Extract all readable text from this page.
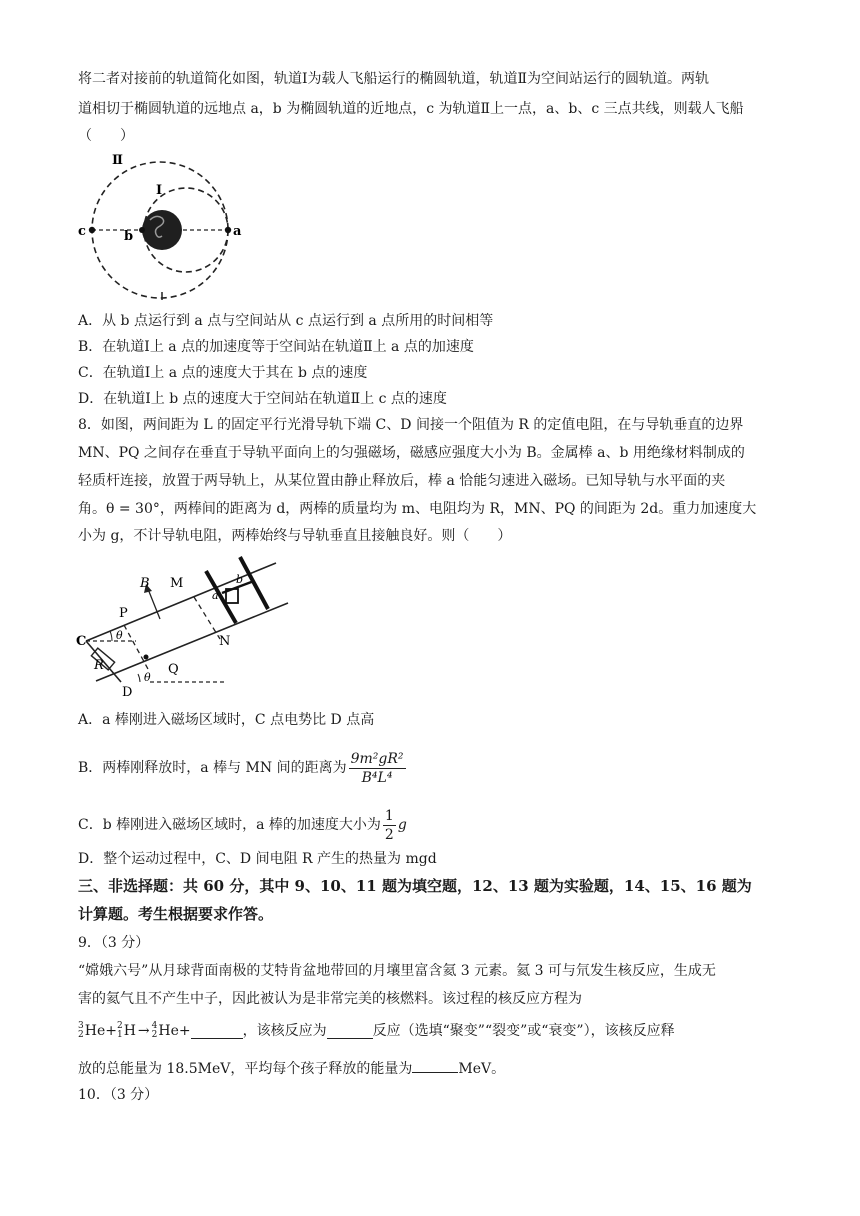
将二者对接前的轨道简化如图，轨道Ⅰ为载人飞船运行的椭圆轨道，轨道Ⅱ为空间站运行的圆轨道。两轨
道相切于椭圆轨道的远地点 a，b 为椭圆轨道的近地点，c 为轨道Ⅱ上一点，a、b、c 三点共线，则载人飞船
（　　）
Ⅱ
Ⅰ
c	b	a
A．从 b 点运行到 a 点与空间站从 c 点运行到 a 点所用的时间相等
B．在轨道Ⅰ上 a 点的加速度等于空间站在轨道Ⅱ上 a 点的加速度
C．在轨道Ⅰ上 a 点的速度大于其在 b 点的速度
D．在轨道Ⅰ上 b 点的速度大于空间站在轨道Ⅱ上 c 点的速度
8．如图，两间距为 L 的固定平行光滑导轨下端 C、D 间接一个阻值为 R 的定值电阻，在与导轨垂直的边界
MN、PQ 之间存在垂直于导轨平面向上的匀强磁场，磁感应强度大小为 B。金属棒 a、b 用绝缘材料制成的
轻质杆连接，放置于两导轨上，从某位置由静止释放后，棒 a 恰能匀速进入磁场。已知导轨与水平面的夹
角。θ = 30°，两棒间的距离为 d，两棒的质量均为 m、电阻均为 R，MN、PQ 的间距为 2d。重力加速度大
小为 g，不计导轨电阻，两棒始终与导轨垂直且接触良好。则（　　）
B M
P
C	θ
R
N
Q
D
θ
a
b
A．a 棒刚进入磁场区域时，C 点电势比 D 点高
B．两棒刚释放时，a 棒与 MN 间的距离为 $\frac{\text{9m²gR²}}{\text{B⁴L⁴}}$
C．b 棒刚进入磁场区域时，a 棒的加速度大小为 $\frac{1}{2}$ g
D．整个运动过程中，C、D 间电阻 R 产生的热量为 mgd
三、非选择题：共 60 分，其中 9、10、11 题为填空题，12、13 题为实验题，14、15、16 题为
计算题。考生根据要求作答。
9．（3 分）
“嫦娥六号”从月球背面南极的艾特肯盆地带回的月壤里富含氦 3 元素。氦 3 可与氘发生核反应，生成无
害的氦气且不产生中子，因此被认为是非常完美的核燃料。该过程的核反应方程为
3
2He + 2
1H → 4
2He +	，该核反应为	反应（选填“聚变”“裂变”或“衰变”），该核反应释
放的总能量为 18.5MeV，平均每个孩子释放的能量为	MeV。
10．（3 分）
